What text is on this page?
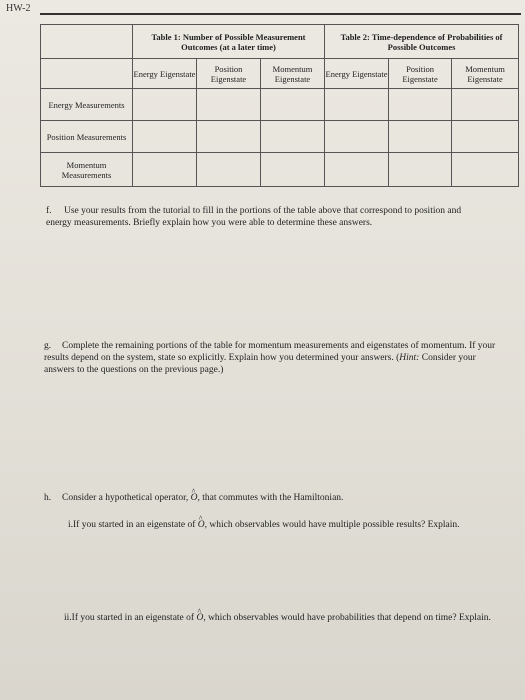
HW-2
	Table 1: Number of Possible Measurement Outcomes (at a later time)			Table 2: Time-dependence of Probabilities of Possible Outcomes		
	Energy Eigenstate	Position Eigenstate	Momentum Eigenstate	Energy Eigenstate	Position Eigenstate	Momentum Eigenstate
Energy Measurements						
Position Measurements						
Momentum Measurements						
f. Use your results from the tutorial to fill in the portions of the table above that correspond to position and energy measurements. Briefly explain how you were able to determine these answers.
g. Complete the remaining portions of the table for momentum measurements and eigenstates of momentum. If your results depend on the system, state so explicitly. Explain how you determined your answers. (Hint: Consider your answers to the questions on the previous page.)
h. Consider a hypothetical operator, ^ O, that commutes with the Hamiltonian.
i.If you started in an eigenstate of ^ O, which observables would have multiple possible results? Explain.
ii.If you started in an eigenstate of ^ O, which observables would have probabilities that depend on time? Explain.
